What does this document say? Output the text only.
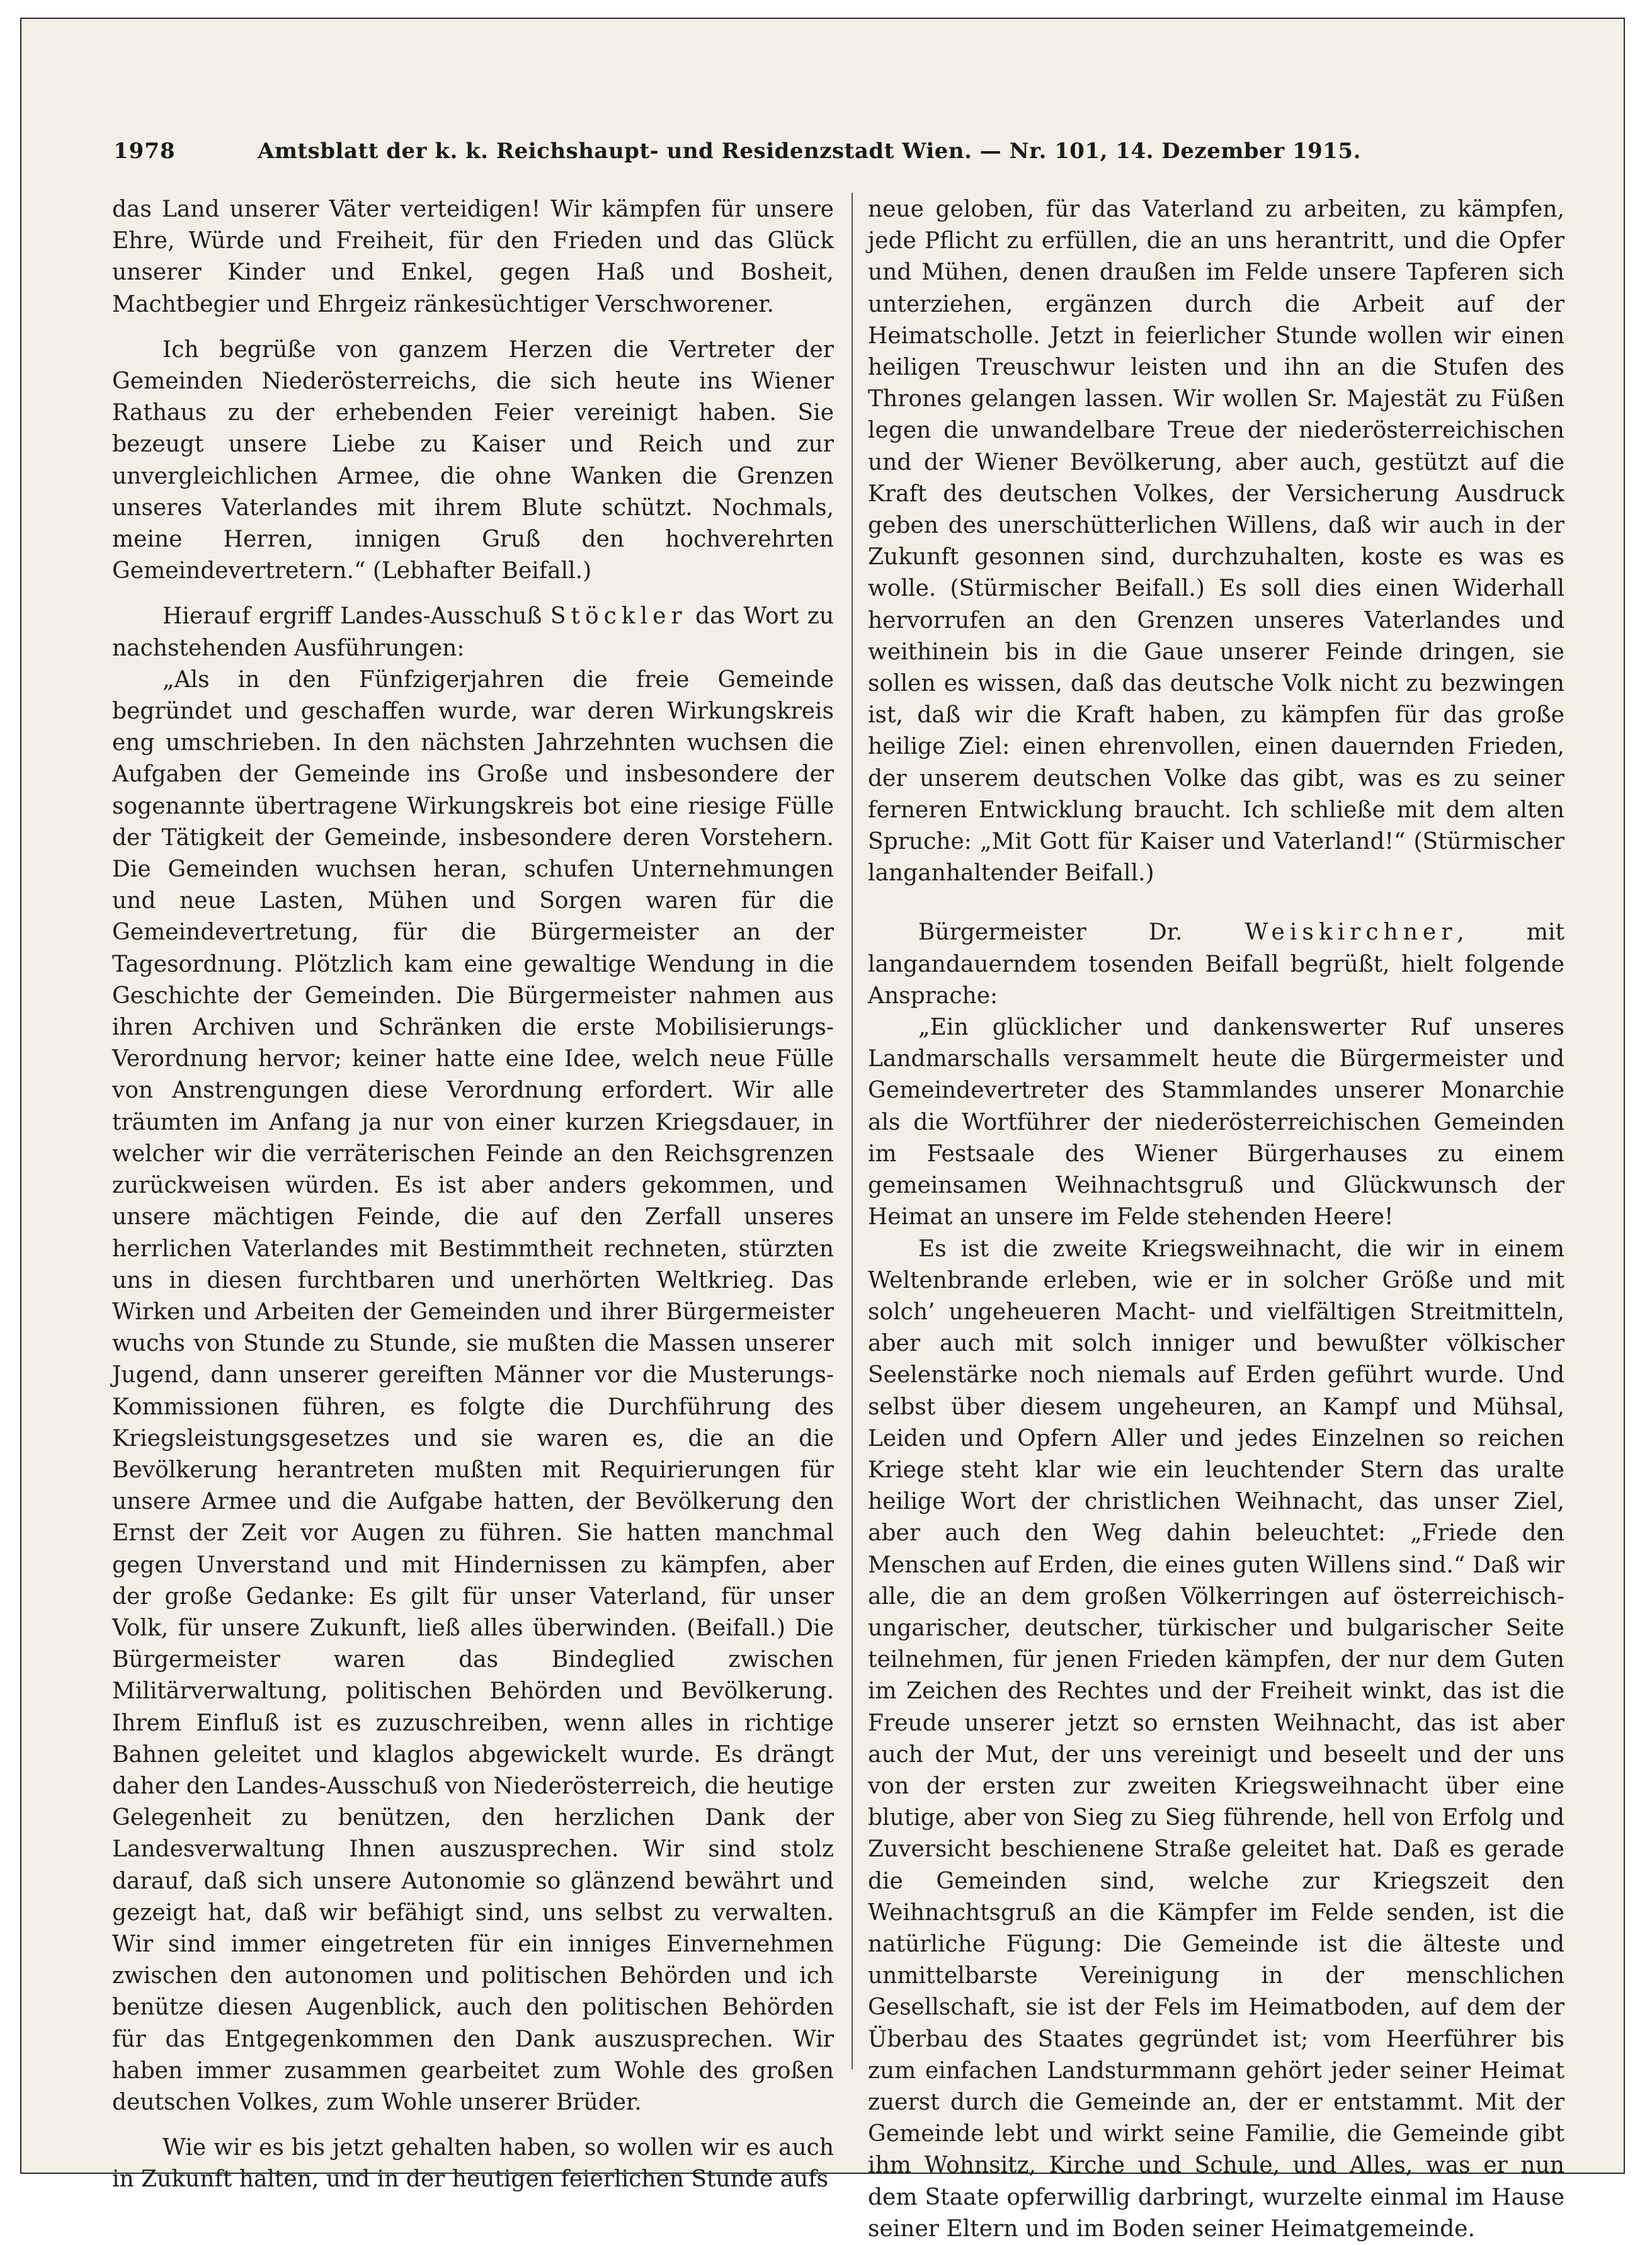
1978	Amtsblatt der k. k. Reichshaupt- und Residenzstadt Wien. — Nr. 101, 14. Dezember 1915.

das Land unserer Väter verteidigen! Wir kämpfen für unsere Ehre, Würde und Freiheit, für den Frieden und das Glück unserer Kinder und Enkel, gegen Haß und Bosheit, Machtbegier und Ehrgeiz ränkesüchtiger Verschworener.

Ich begrüße von ganzem Herzen die Vertreter der Gemeinden Niederösterreichs, die sich heute ins Wiener Rathaus zu der erhebenden Feier vereinigt haben. Sie bezeugt unsere Liebe zu Kaiser und Reich und zur unvergleichlichen Armee, die ohne Wanken die Grenzen unseres Vaterlandes mit ihrem Blute schützt. Nochmals, meine Herren, innigen Gruß den hochverehrten Gemeindevertretern.“ (Lebhafter Beifall.)

Hierauf ergriff Landes-Ausschuß Stöckler das Wort zu nachstehenden Ausführungen:

„Als in den Fünfzigerjahren die freie Gemeinde begründet und geschaffen wurde, war deren Wirkungskreis eng umschrieben. In den nächsten Jahrzehnten wuchsen die Aufgaben der Gemeinde ins Große und insbesondere der sogenannte übertragene Wirkungskreis bot eine riesige Fülle der Tätigkeit der Gemeinde, insbesondere deren Vorstehern. Die Gemeinden wuchsen heran, schufen Unternehmungen und neue Lasten, Mühen und Sorgen waren für die Gemeindevertretung, für die Bürgermeister an der Tagesordnung. Plötzlich kam eine gewaltige Wendung in die Geschichte der Gemeinden. Die Bürgermeister nahmen aus ihren Archiven und Schränken die erste Mobilisierungs-Verordnung hervor; keiner hatte eine Idee, welch neue Fülle von Anstrengungen diese Verordnung erfordert. Wir alle träumten im Anfang ja nur von einer kurzen Kriegsdauer, in welcher wir die verräterischen Feinde an den Reichsgrenzen zurückweisen würden. Es ist aber anders gekommen, und unsere mächtigen Feinde, die auf den Zerfall unseres herrlichen Vaterlandes mit Bestimmtheit rechneten, stürzten uns in diesen furchtbaren und unerhörten Weltkrieg. Das Wirken und Arbeiten der Gemeinden und ihrer Bürgermeister wuchs von Stunde zu Stunde, sie mußten die Massen unserer Jugend, dann unserer gereiften Männer vor die Musterungs-Kommissionen führen, es folgte die Durchführung des Kriegsleistungsgesetzes und sie waren es, die an die Bevölkerung herantreten mußten mit Requirierungen für unsere Armee und die Aufgabe hatten, der Bevölkerung den Ernst der Zeit vor Augen zu führen. Sie hatten manchmal gegen Unverstand und mit Hindernissen zu kämpfen, aber der große Gedanke: Es gilt für unser Vaterland, für unser Volk, für unsere Zukunft, ließ alles überwinden. (Beifall.) Die Bürgermeister waren das Bindeglied zwischen Militärverwaltung, politischen Behörden und Bevölkerung. Ihrem Einfluß ist es zuzuschreiben, wenn alles in richtige Bahnen geleitet und klaglos abgewickelt wurde. Es drängt daher den Landes-Ausschuß von Niederösterreich, die heutige Gelegenheit zu benützen, den herzlichen Dank der Landesverwaltung Ihnen auszusprechen. Wir sind stolz darauf, daß sich unsere Autonomie so glänzend bewährt und gezeigt hat, daß wir befähigt sind, uns selbst zu verwalten. Wir sind immer eingetreten für ein inniges Einvernehmen zwischen den autonomen und politischen Behörden und ich benütze diesen Augenblick, auch den politischen Behörden für das Entgegenkommen den Dank auszusprechen. Wir haben immer zusammen gearbeitet zum Wohle des großen deutschen Volkes, zum Wohle unserer Brüder.

Wie wir es bis jetzt gehalten haben, so wollen wir es auch in Zukunft halten, und in der heutigen feierlichen Stunde aufs

neue geloben, für das Vaterland zu arbeiten, zu kämpfen, jede Pflicht zu erfüllen, die an uns herantritt, und die Opfer und Mühen, denen draußen im Felde unsere Tapferen sich unterziehen, ergänzen durch die Arbeit auf der Heimatscholle. Jetzt in feierlicher Stunde wollen wir einen heiligen Treuschwur leisten und ihn an die Stufen des Thrones gelangen lassen. Wir wollen Sr. Majestät zu Füßen legen die unwandelbare Treue der niederösterreichischen und der Wiener Bevölkerung, aber auch, gestützt auf die Kraft des deutschen Volkes, der Versicherung Ausdruck geben des unerschütterlichen Willens, daß wir auch in der Zukunft gesonnen sind, durchzuhalten, koste es was es wolle. (Stürmischer Beifall.) Es soll dies einen Widerhall hervorrufen an den Grenzen unseres Vaterlandes und weithinein bis in die Gaue unserer Feinde dringen, sie sollen es wissen, daß das deutsche Volk nicht zu bezwingen ist, daß wir die Kraft haben, zu kämpfen für das große heilige Ziel: einen ehrenvollen, einen dauernden Frieden, der unserem deutschen Volke das gibt, was es zu seiner ferneren Entwicklung braucht. Ich schließe mit dem alten Spruche: „Mit Gott für Kaiser und Vaterland!“ (Stürmischer langanhaltender Beifall.)

Bürgermeister Dr. Weiskirchner, mit langandauerndem tosenden Beifall begrüßt, hielt folgende Ansprache:

„Ein glücklicher und dankenswerter Ruf unseres Landmarschalls versammelt heute die Bürgermeister und Gemeindevertreter des Stammlandes unserer Monarchie als die Wortführer der niederösterreichischen Gemeinden im Festsaale des Wiener Bürgerhauses zu einem gemeinsamen Weihnachtsgruß und Glückwunsch der Heimat an unsere im Felde stehenden Heere!

Es ist die zweite Kriegsweihnacht, die wir in einem Weltenbrande erleben, wie er in solcher Größe und mit solch’ ungeheueren Macht- und vielfältigen Streitmitteln, aber auch mit solch inniger und bewußter völkischer Seelenstärke noch niemals auf Erden geführt wurde. Und selbst über diesem ungeheuren, an Kampf und Mühsal, Leiden und Opfern Aller und jedes Einzelnen so reichen Kriege steht klar wie ein leuchtender Stern das uralte heilige Wort der christlichen Weihnacht, das unser Ziel, aber auch den Weg dahin beleuchtet: „Friede den Menschen auf Erden, die eines guten Willens sind.“ Daß wir alle, die an dem großen Völkerringen auf österreichisch-ungarischer, deutscher, türkischer und bulgarischer Seite teilnehmen, für jenen Frieden kämpfen, der nur dem Guten im Zeichen des Rechtes und der Freiheit winkt, das ist die Freude unserer jetzt so ernsten Weihnacht, das ist aber auch der Mut, der uns vereinigt und beseelt und der uns von der ersten zur zweiten Kriegsweihnacht über eine blutige, aber von Sieg zu Sieg führende, hell von Erfolg und Zuversicht beschienene Straße geleitet hat. Daß es gerade die Gemeinden sind, welche zur Kriegszeit den Weihnachtsgruß an die Kämpfer im Felde senden, ist die natürliche Fügung: Die Gemeinde ist die älteste und unmittelbarste Vereinigung in der menschlichen Gesellschaft, sie ist der Fels im Heimatboden, auf dem der Überbau des Staates gegründet ist; vom Heerführer bis zum einfachen Landsturmmann gehört jeder seiner Heimat zuerst durch die Gemeinde an, der er entstammt. Mit der Gemeinde lebt und wirkt seine Familie, die Gemeinde gibt ihm Wohnsitz, Kirche und Schule, und Alles, was er nun dem Staate opferwillig darbringt, wurzelte einmal im Hause seiner Eltern und im Boden seiner Heimatgemeinde.
